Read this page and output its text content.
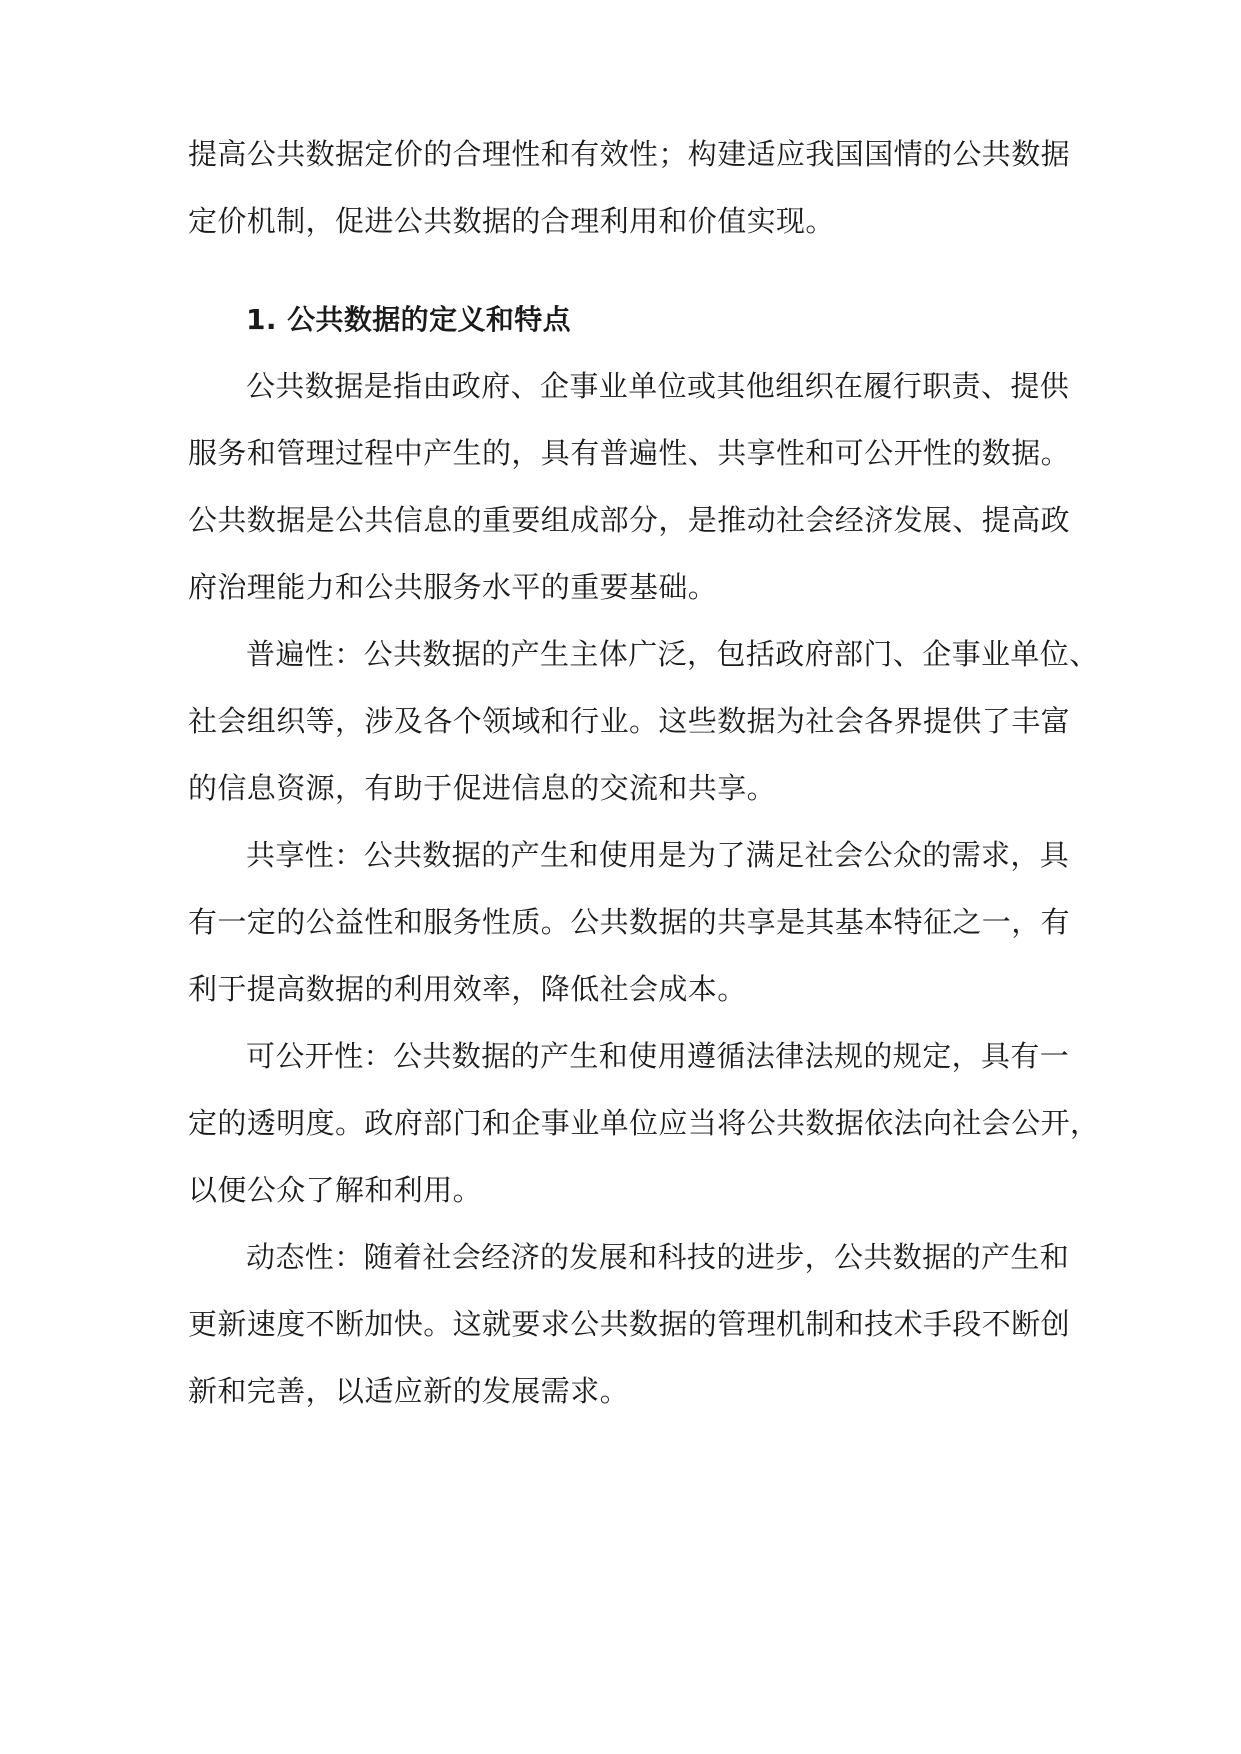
提高公共数据定价的合理性和有效性；构建适应我国国情的公共数据
定价机制，促进公共数据的合理利用和价值实现。
1. 公共数据的定义和特点
公共数据是指由政府、企事业单位或其他组织在履行职责、提供
服务和管理过程中产生的，具有普遍性、共享性和可公开性的数据。
公共数据是公共信息的重要组成部分，是推动社会经济发展、提高政
府治理能力和公共服务水平的重要基础。
普遍性：公共数据的产生主体广泛，包括政府部门、企事业单位、
社会组织等，涉及各个领域和行业。这些数据为社会各界提供了丰富
的信息资源，有助于促进信息的交流和共享。
共享性：公共数据的产生和使用是为了满足社会公众的需求，具
有一定的公益性和服务性质。公共数据的共享是其基本特征之一，有
利于提高数据的利用效率，降低社会成本。
可公开性：公共数据的产生和使用遵循法律法规的规定，具有一
定的透明度。政府部门和企事业单位应当将公共数据依法向社会公开，
以便公众了解和利用。
动态性：随着社会经济的发展和科技的进步，公共数据的产生和
更新速度不断加快。这就要求公共数据的管理机制和技术手段不断创
新和完善，以适应新的发展需求。
